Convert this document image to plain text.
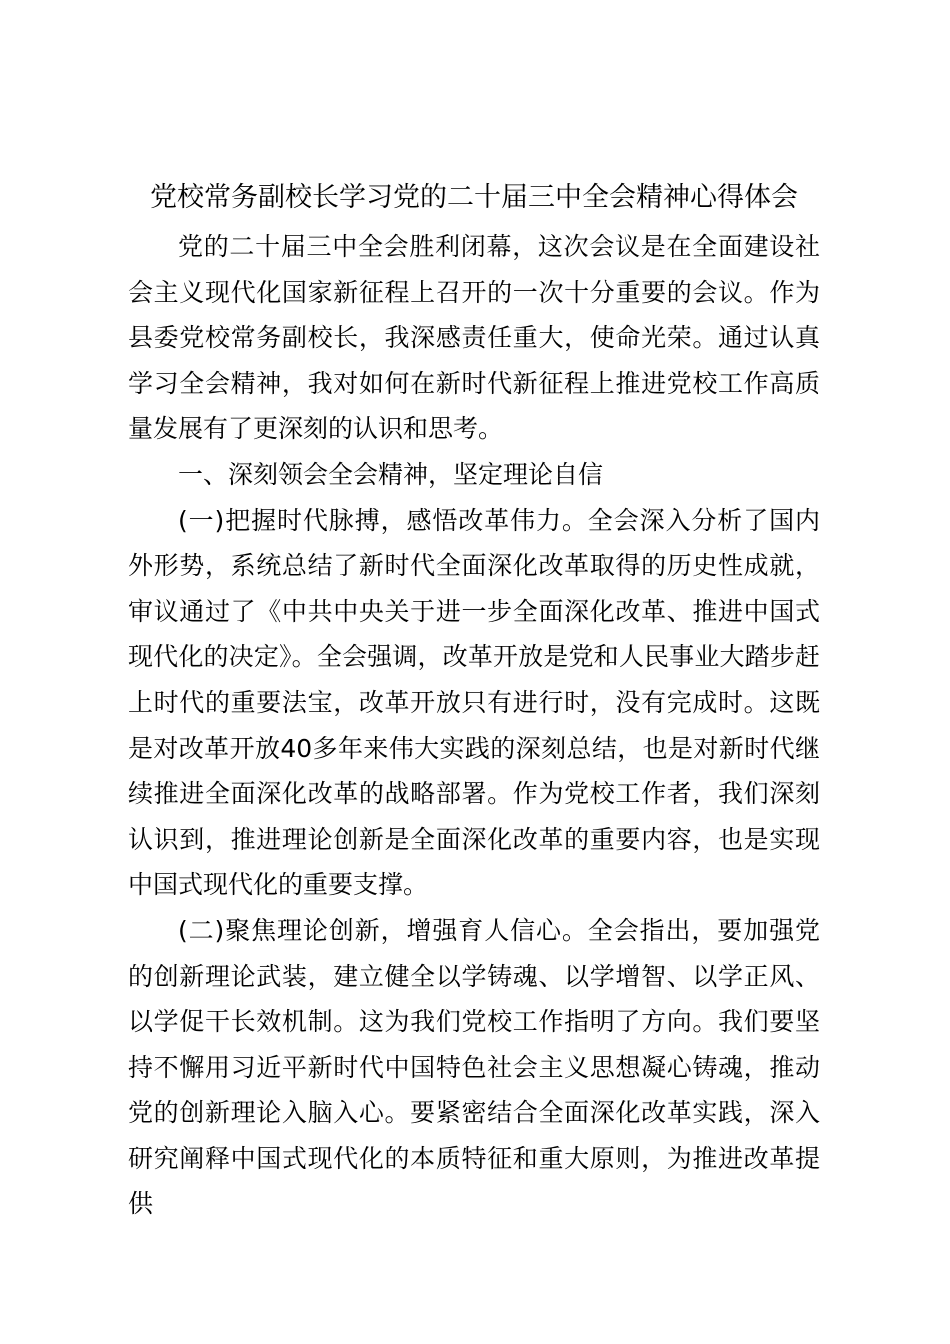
党校常务副校长学习党的二十届三中全会精神心得体会

党的二十届三中全会胜利闭幕，这次会议是在全面建设社会主义现代化国家新征程上召开的一次十分重要的会议。作为县委党校常务副校长，我深感责任重大，使命光荣。通过认真学习全会精神，我对如何在新时代新征程上推进党校工作高质量发展有了更深刻的认识和思考。

一、深刻领会全会精神，坚定理论自信

(一)把握时代脉搏，感悟改革伟力。全会深入分析了国内外形势，系统总结了新时代全面深化改革取得的历史性成就，审议通过了《中共中央关于进一步全面深化改革、推进中国式现代化的决定》。全会强调，改革开放是党和人民事业大踏步赶上时代的重要法宝，改革开放只有进行时，没有完成时。这既是对改革开放40多年来伟大实践的深刻总结，也是对新时代继续推进全面深化改革的战略部署。作为党校工作者，我们深刻认识到，推进理论创新是全面深化改革的重要内容，也是实现中国式现代化的重要支撑。

(二)聚焦理论创新，增强育人信心。全会指出，要加强党的创新理论武装，建立健全以学铸魂、以学增智、以学正风、以学促干长效机制。这为我们党校工作指明了方向。我们要坚持不懈用习近平新时代中国特色社会主义思想凝心铸魂，推动党的创新理论入脑入心。要紧密结合全面深化改革实践，深入研究阐释中国式现代化的本质特征和重大原则，为推进改革提供
